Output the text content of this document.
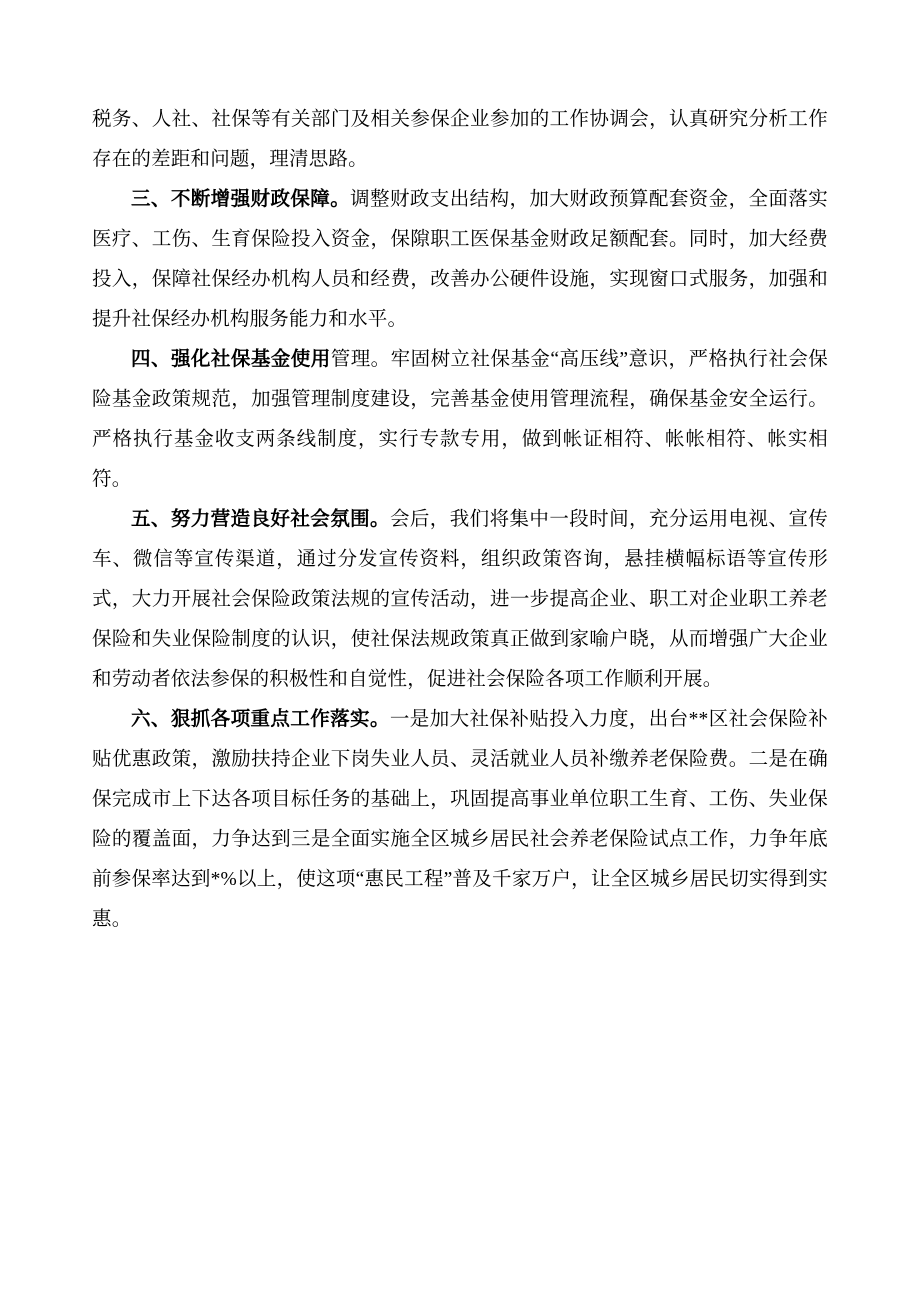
税务、人社、社保等有关部门及相关参保企业参加的工作协调会，认真研究分析工作存在的差距和问题，理清思路。

三、不断增强财政保障。调整财政支出结构，加大财政预算配套资金，全面落实医疗、工伤、生育保险投入资金，保隙职工医保基金财政足额配套。同时，加大经费投入，保障社保经办机构人员和经费，改善办公硬件设施，实现窗口式服务，加强和提升社保经办机构服务能力和水平。

四、强化社保基金使用管理。牢固树立社保基金“高压线”意识，严格执行社会保险基金政策规范，加强管理制度建设，完善基金使用管理流程，确保基金安全运行。严格执行基金收支两条线制度，实行专款专用，做到帐证相符、帐帐相符、帐实相符。

五、努力营造良好社会氛围。会后，我们将集中一段时间，充分运用电视、宣传车、微信等宣传渠道，通过分发宣传资料，组织政策咨询，悬挂横幅标语等宣传形式，大力开展社会保险政策法规的宣传活动，进一步提高企业、职工对企业职工养老保险和失业保险制度的认识，使社保法规政策真正做到家喻户晓，从而增强广大企业和劳动者依法参保的积极性和自觉性，促进社会保险各项工作顺利开展。

六、狠抓各项重点工作落实。一是加大社保补贴投入力度，出台**区社会保险补贴优惠政策，激励扶持企业下岗失业人员、灵活就业人员补缴养老保险费。二是在确保完成市上下达各项目标任务的基础上，巩固提高事业单位职工生育、工伤、失业保险的覆盖面，力争达到三是全面实施全区城乡居民社会养老保险试点工作，力争年底前参保率达到*%以上，使这项“惠民工程”普及千家万户，让全区城乡居民切实得到实惠。
